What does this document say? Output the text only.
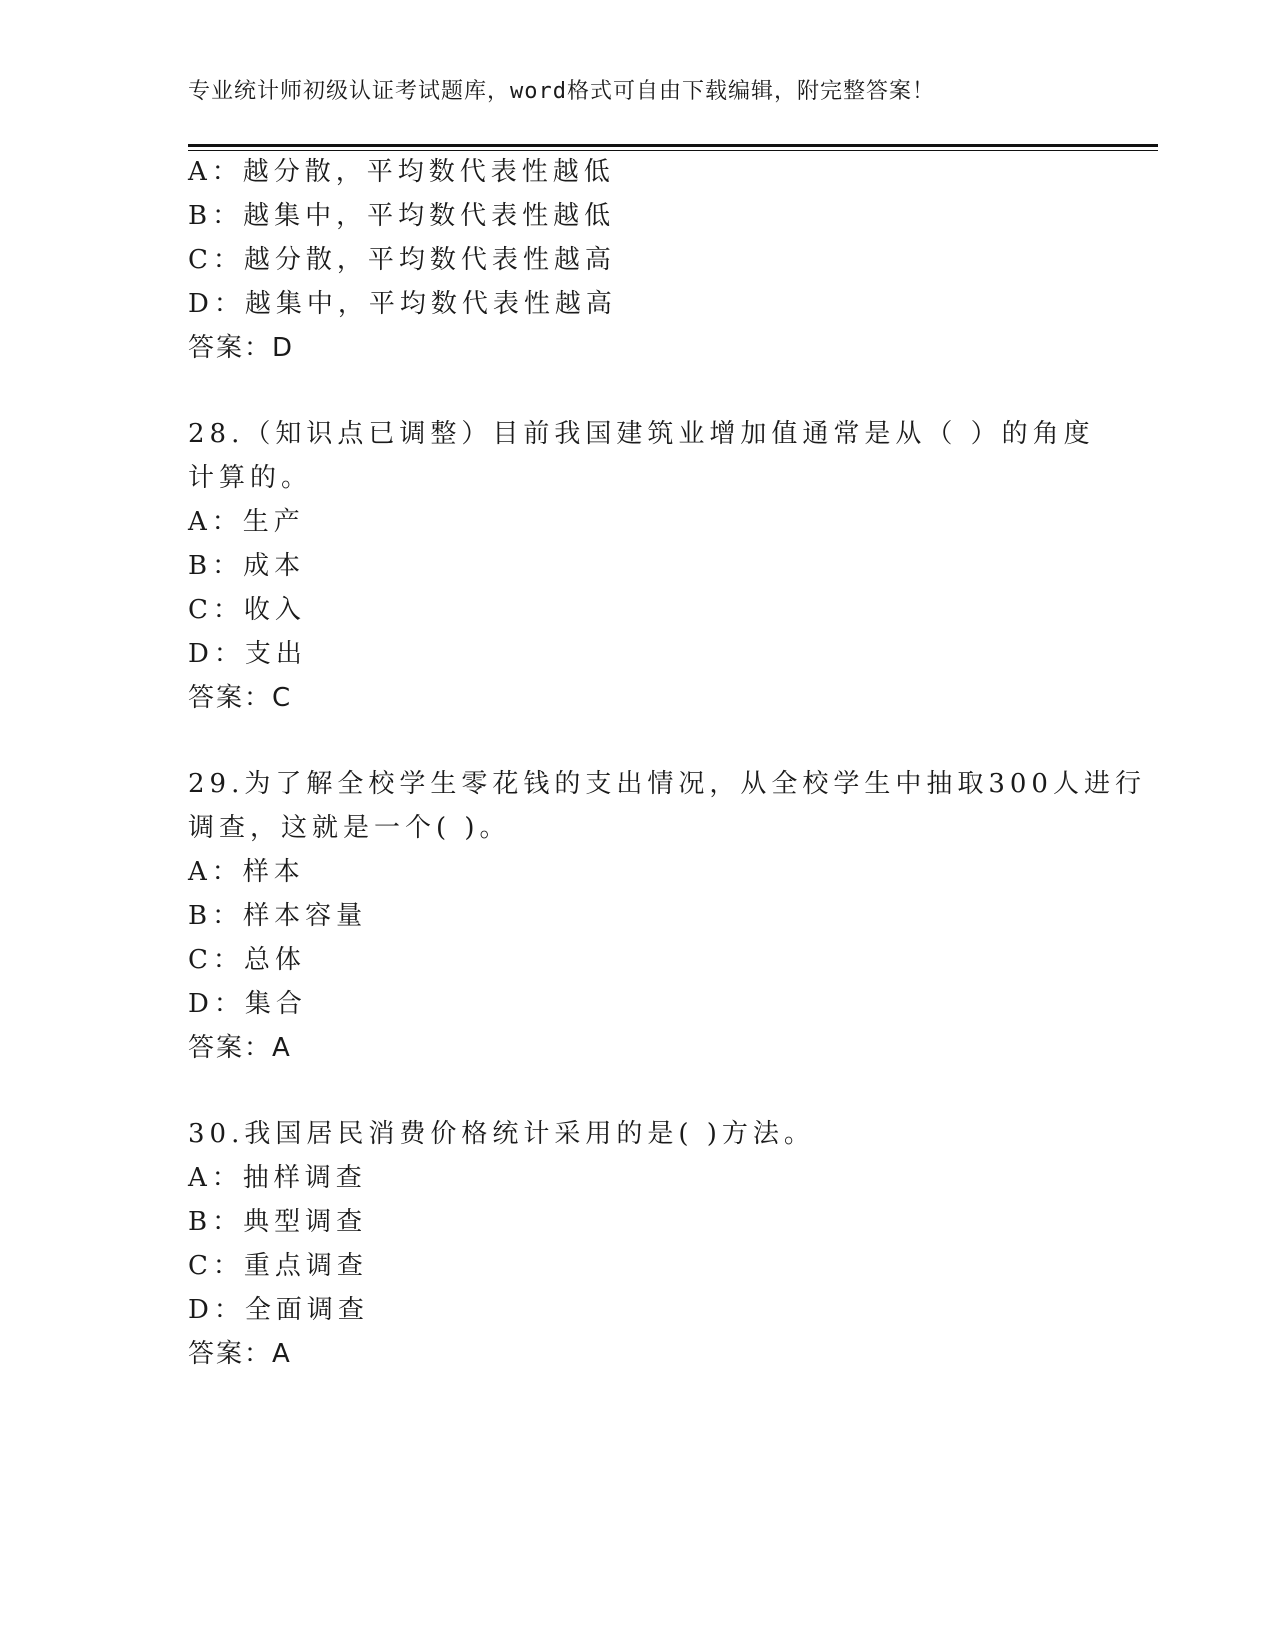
专业统计师初级认证考试题库，word格式可自由下载编辑，附完整答案！
A：越分散，平均数代表性越低
B：越集中，平均数代表性越低
C：越分散，平均数代表性越高
D：越集中，平均数代表性越高
答案：D
28.（知识点已调整）目前我国建筑业增加值通常是从（ ）的角度
计算的。
A：生产
B：成本
C：收入
D：支出
答案：C
29.为了解全校学生零花钱的支出情况，从全校学生中抽取300人进行
调查，这就是一个( )。
A：样本
B：样本容量
C：总体
D：集合
答案：A
30.我国居民消费价格统计采用的是( )方法。
A：抽样调查
B：典型调查
C：重点调查
D：全面调查
答案：A
